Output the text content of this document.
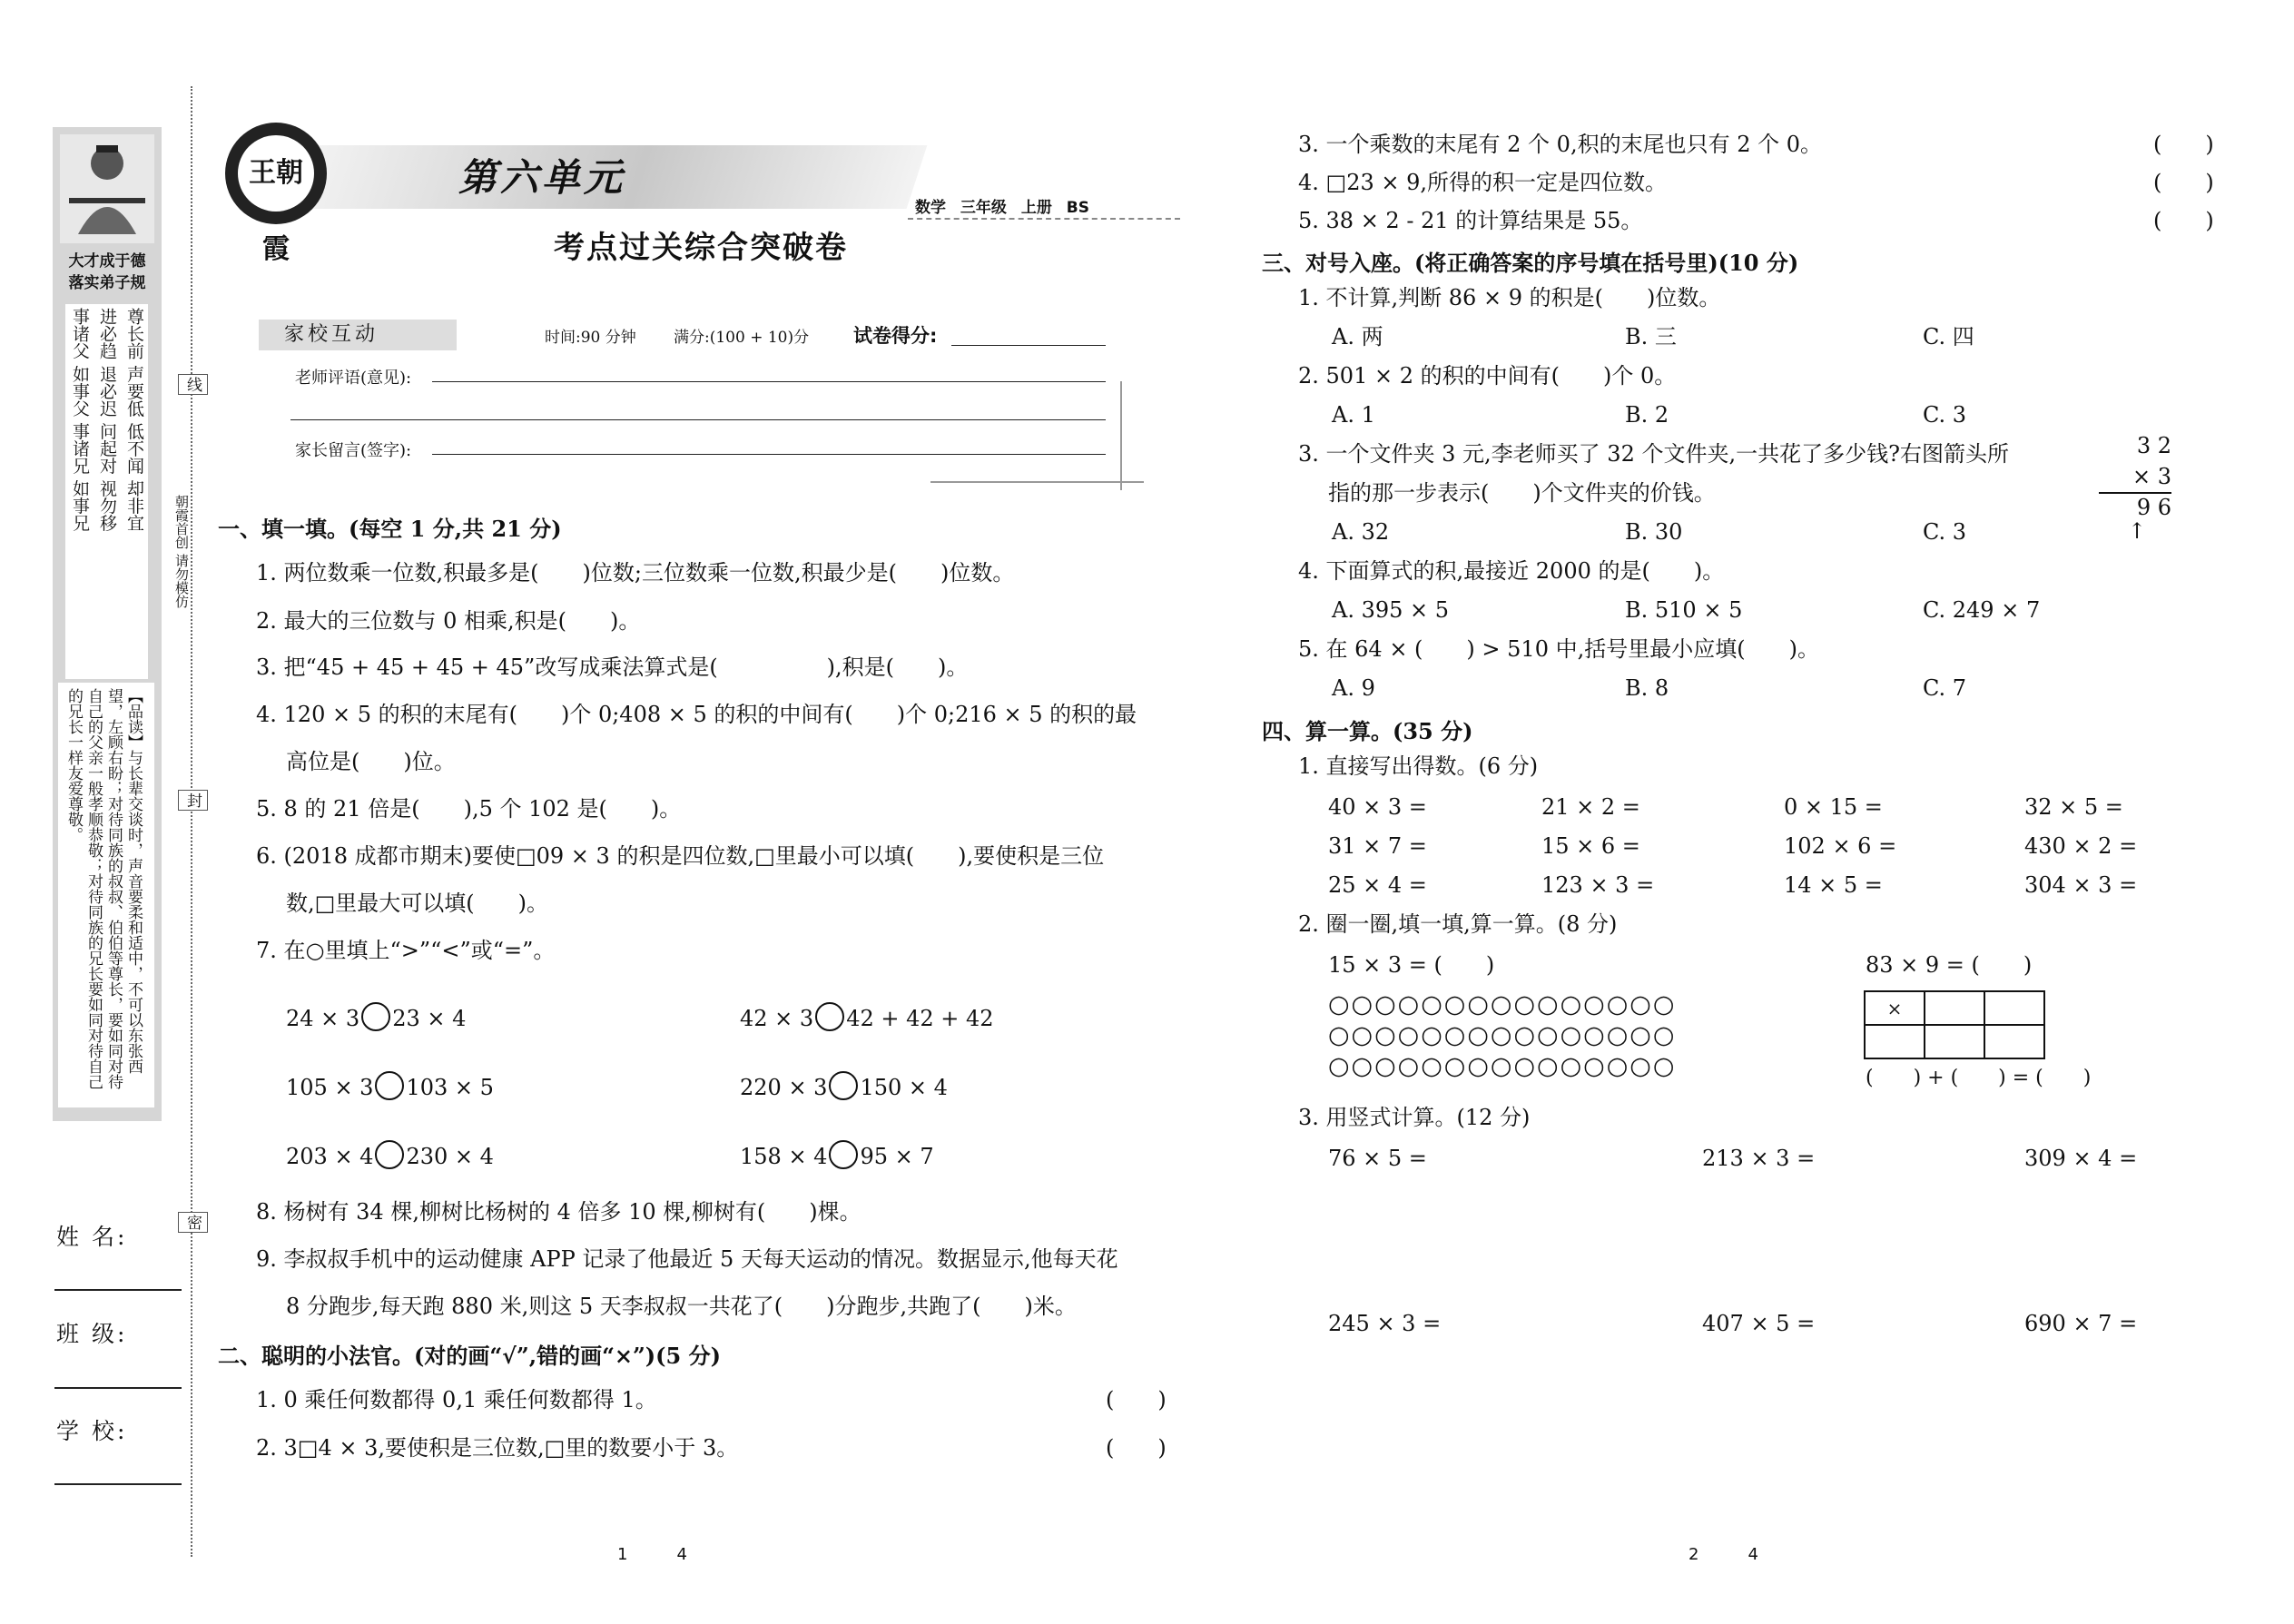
大才成于德
落实弟子规
尊长前 声要低 低不闻 却非宜
进必趋 退必迟 问起对 视勿移
事诸父 如事父 事诸兄 如事兄
【品读】与长辈交谈时，声音要柔和适中，不可以东张西望，左顾右盼；对待同族的叔叔、伯伯等尊长，要如同对待自己的父亲一般孝顺恭敬；对待同族的兄长要如同对待自己的兄长一样友爱尊敬。
线
封
密
朝霞首创 请勿模仿
姓 名:
班 级:
学 校:
王朝霞
第六单元
考点过关综合突破卷
数学 三年级 上册 BS
家校互动	时间:90 分钟 满分:(100 + 10)分 试卷得分:
老师评语(意见):
家长留言(签字):
一、填一填。(每空 1 分,共 21 分)
1. 两位数乘一位数,积最多是(　　)位数;三位数乘一位数,积最少是(　　)位数。
2. 最大的三位数与 0 相乘,积是(　　)。
3. 把“45 + 45 + 45 + 45”改写成乘法算式是(　　　　　),积是(　　)。
4. 120 × 5 的积的末尾有(　　)个 0;408 × 5 的积的中间有(　　)个 0;216 × 5 的积的最
高位是(　　)位。
5. 8 的 21 倍是(　　),5 个 102 是(　　)。
6. (2018 成都市期末)要使□09 × 3 的积是四位数,□里最小可以填(　　),要使积是三位
数,□里最大可以填(　　)。
7. 在○里填上“>”“<”或“=”。
24 × 3 23 × 4	42 × 3 42 + 42 + 42
105 × 3 103 × 5	220 × 3 150 × 4
203 × 4 230 × 4	158 × 4 95 × 7
8. 杨树有 34 棵,柳树比杨树的 4 倍多 10 棵,柳树有(　　)棵。
9. 李叔叔手机中的运动健康 APP 记录了他最近 5 天每天运动的情况。数据显示,他每天花
8 分跑步,每天跑 880 米,则这 5 天李叔叔一共花了(　　)分跑步,共跑了(　　)米。
二、聪明的小法官。(对的画“√”,错的画“×”)(5 分)
1. 0 乘任何数都得 0,1 乘任何数都得 1。	(　　)
2. 3□4 × 3,要使积是三位数,□里的数要小于 3。	(　　)
1　　　4
3. 一个乘数的末尾有 2 个 0,积的末尾也只有 2 个 0。	(　　)
4. □23 × 9,所得的积一定是四位数。	(　　)
5. 38 × 2 - 21 的计算结果是 55。	(　　)
三、对号入座。(将正确答案的序号填在括号里)(10 分)
1. 不计算,判断 86 × 9 的积是(　　)位数。
A. 两	B. 三	C. 四
2. 501 × 2 的积的中间有(　　)个 0。
A. 1	B. 2	C. 3
3. 一个文件夹 3 元,李老师买了 32 个文件夹,一共花了多少钱?右图箭头所
指的那一步表示(　　)个文件夹的价钱。
A. 32	B. 30	C. 3
3 2
× 3
9 6
↑
4. 下面算式的积,最接近 2000 的是(　　)。
A. 395 × 5	B. 510 × 5	C. 249 × 7
5. 在 64 × (　　) > 510 中,括号里最小应填(　　)。
A. 9	B. 8	C. 7
四、算一算。(35 分)
1. 直接写出得数。(6 分)
40 × 3 =	21 × 2 =	0 × 15 =	32 × 5 =
31 × 7 =	15 × 6 =	102 × 6 =	430 × 2 =
25 × 4 =	123 × 3 =	14 × 5 =	304 × 3 =
2. 圈一圈,填一填,算一算。(8 分)
15 × 3 = (　　)	83 × 9 = (　　)
○○○○○○○○○○○○○○○
○○○○○○○○○○○○○○○
○○○○○○○○○○○○○○○
×		

(　　) + (　　) = (　　)
3. 用竖式计算。(12 分)
76 × 5 =	213 × 3 =	309 × 4 =
245 × 3 =	407 × 5 =	690 × 7 =
2　　　4
